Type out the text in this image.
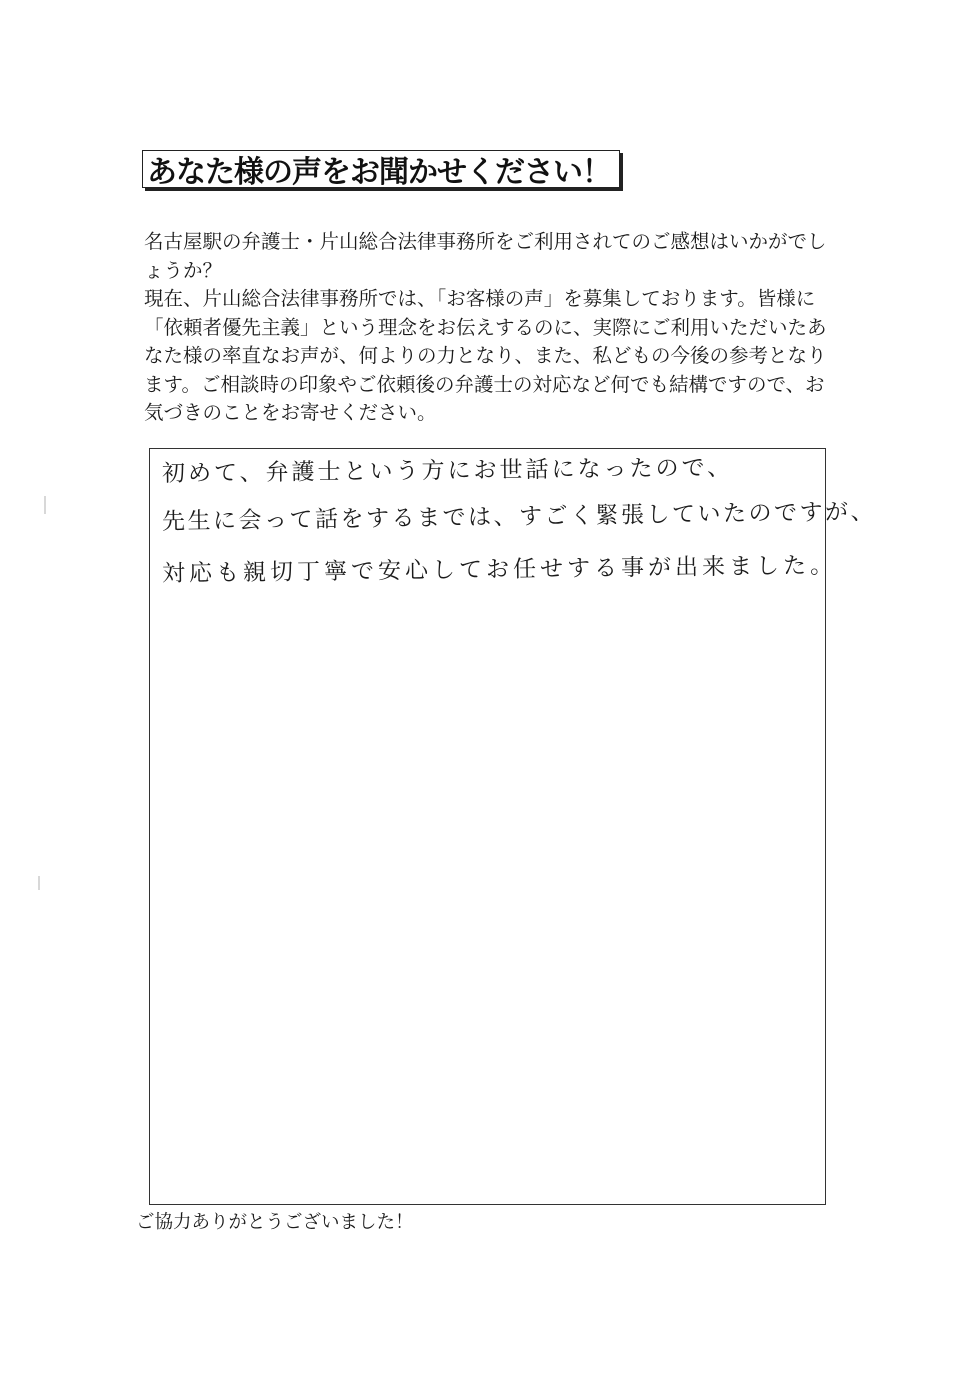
あなた様の声をお聞かせください！

名古屋駅の弁護士・片山総合法律事務所をご利用されてのご感想はいかがでしょうか？

現在、片山総合法律事務所では、「お客様の声」を募集しております。皆様に「依頼者優先主義」という理念をお伝えするのに、実際にご利用いただいたあなた様の率直なお声が、何よりの力となり、また、私どもの今後の参考となります。ご相談時の印象やご依頼後の弁護士の対応など何でも結構ですので、お気づきのことをお寄せください。

初めて、弁護士という方にお世話になったので、
先生に会って話をするまでは、すごく緊張していたのですが、
対応も親切丁寧で安心してお任せする事が出来ました。
ご協力ありがとうございました！
